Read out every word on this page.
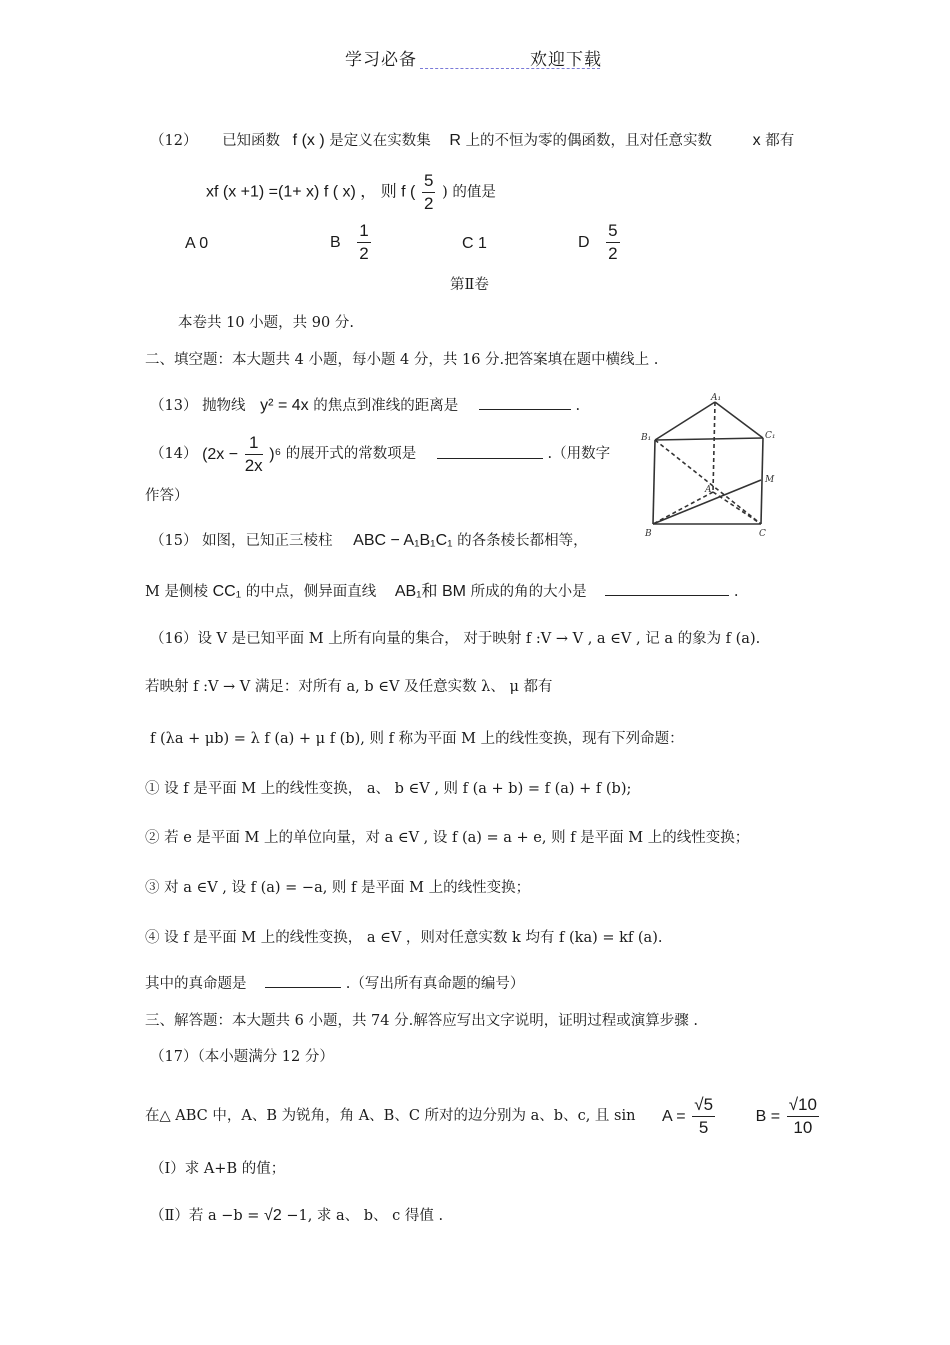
学习必备	欢迎下载
（12） 已知函数 f (x ) 是定义在实数集 R 上的不恒为零的偶函数，且对任意实数	x 都有
xf (x +1) =(1+ x) f ( x) ， 则 f ( $\frac{5}{2}$ ) 的值是
A 0	B $\frac{1}{2}$	C 1	D $\frac{5}{2}$
第Ⅱ卷
本卷共 10 小题，共 90 分.
二、填空题：本大题共 4 小题，每小题 4 分，共 16 分.把答案填在题中横线上 .
（13） 抛物线 y² = 4x 的焦点到准线的距离是	.
（14） $(2x - \frac{1}{2x} )^6$ 的展开式的常数项是	.（用数字
作答）
A₁
B₁	C₁
M
A
B	C
（15） 如图，已知正三棱柱 ABC − A₁B₁C₁ 的各条棱长都相等，
M 是侧棱 CC₁ 的中点，侧异面直线 AB₁和 BM 所成的角的大小是	.
（16）设 V 是已知平面 M 上所有向量的集合， 对于映射 f :V → V , a ∈V , 记 a 的象为 f (a).
若映射 f :V → V 满足：对所有 a, b ∈V 及任意实数 λ、 μ 都有
f (λa + μb) = λ f (a) + μ f (b), 则 f 称为平面 M 上的线性变换，现有下列命题：
① 设 f 是平面 M 上的线性变换， a、 b ∈V , 则 f (a + b) = f (a) + f (b);
② 若 e 是平面 M 上的单位向量，对 a ∈V , 设 f (a) = a + e, 则 f 是平面 M 上的线性变换；
③ 对 a ∈V , 设 f (a) = −a, 则 f 是平面 M 上的线性变换；
④ 设 f 是平面 M 上的线性变换， a ∈V ，则对任意实数 k 均有 f (ka) = kf (a).
其中的真命题是	.（写出所有真命题的编号）
三、解答题：本大题共 6 小题，共 74 分.解答应写出文字说明，证明过程或演算步骤 .
（17）（本小题满分 12 分）
在△ ABC 中，A、B 为锐角，角 A、B、C 所对的边分别为 a、b、c, 且 $\sin A = \frac{√5}{5}$	$B = \frac{√10}{10}$
（Ⅰ）求 A+B 的值；
（Ⅱ）若 a −b = √2 −1, 求 a、 b、 c 得值 .
